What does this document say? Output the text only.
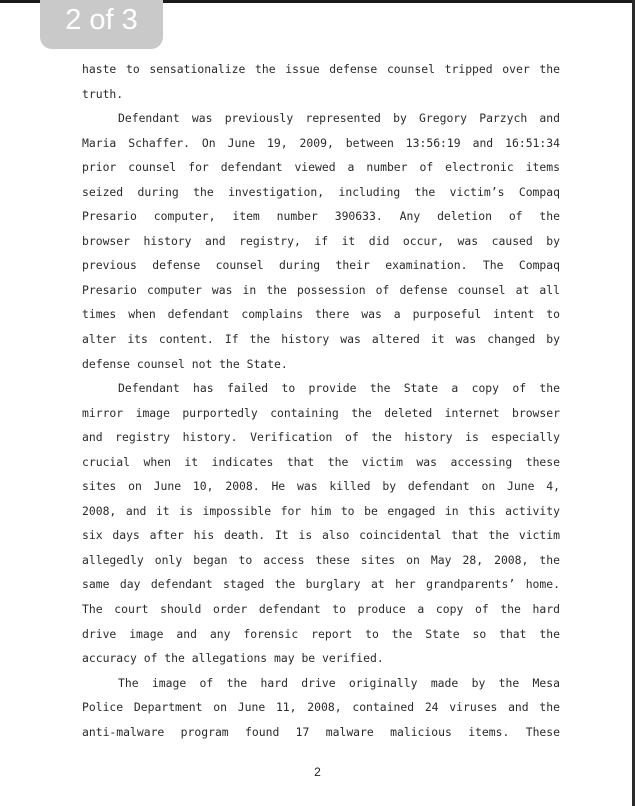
2 of 3
haste to sensationalize the issue defense counsel tripped over the
truth.
Defendant was previously represented by Gregory Parzych and
Maria Schaffer. On June 19, 2009, between 13:56:19 and 16:51:34
prior counsel for defendant viewed a number of electronic items
seized during the investigation, including the victim’s Compaq
Presario computer, item number 390633. Any deletion of the
browser history and registry, if it did occur, was caused by
previous defense counsel during their examination. The Compaq
Presario computer was in the possession of defense counsel at all
times when defendant complains there was a purposeful intent to
alter its content. If the history was altered it was changed by
defense counsel not the State.
Defendant has failed to provide the State a copy of the
mirror image purportedly containing the deleted internet browser
and registry history. Verification of the history is especially
crucial when it indicates that the victim was accessing these
sites on June 10, 2008. He was killed by defendant on June 4,
2008, and it is impossible for him to be engaged in this activity
six days after his death. It is also coincidental that the victim
allegedly only began to access these sites on May 28, 2008, the
same day defendant staged the burglary at her grandparents’ home.
The court should order defendant to produce a copy of the hard
drive image and any forensic report to the State so that the
accuracy of the allegations may be verified.
The image of the hard drive originally made by the Mesa
Police Department on June 11, 2008, contained 24 viruses and the
anti-malware program found 17 malware malicious items. These
2
